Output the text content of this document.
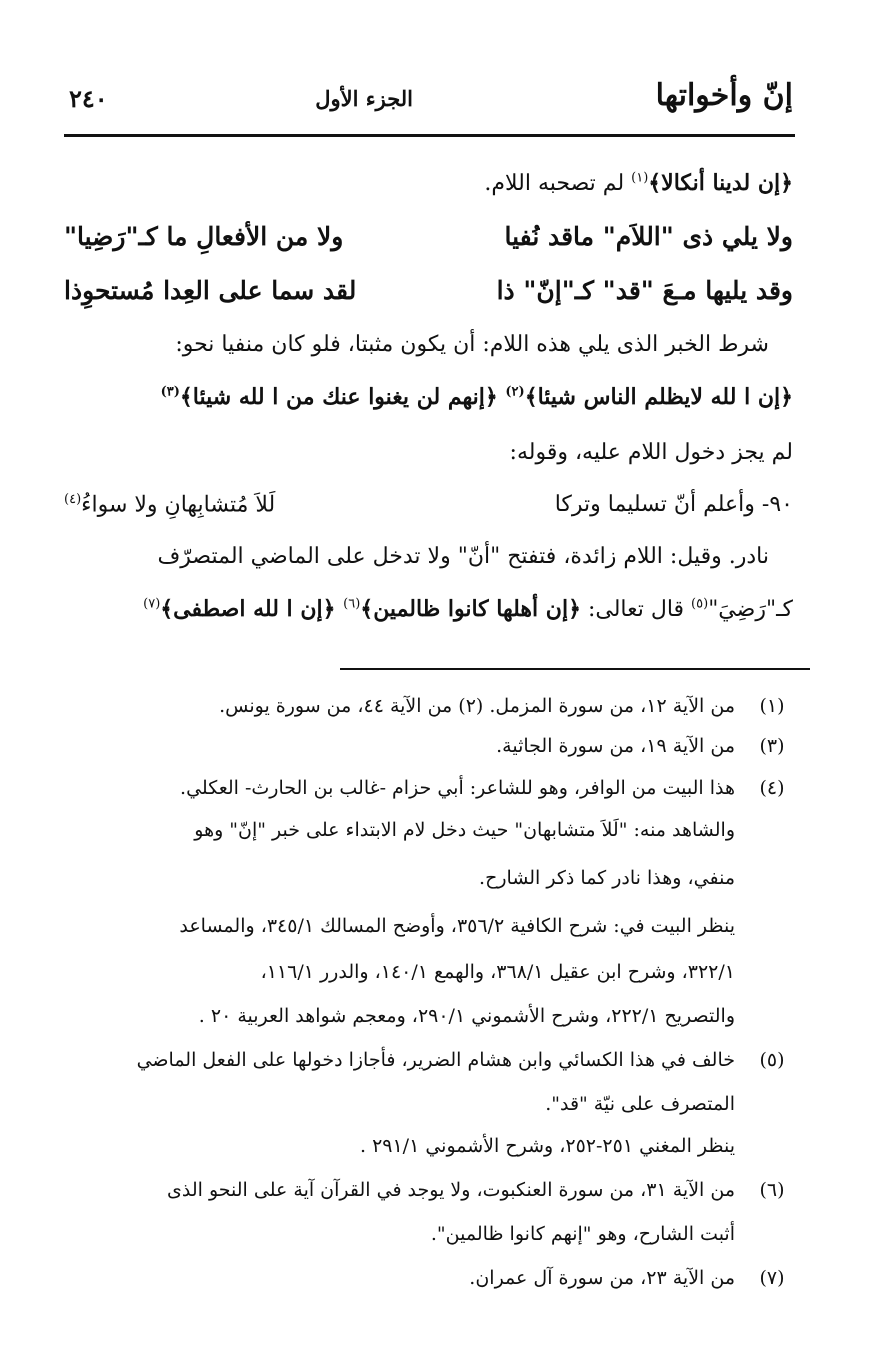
إنّ وأخواتها
الجزء الأول
٢٤٠
﴿إن لدينا أنكالا﴾$^{(١)}$ لم تصحبه اللام.
ولا يلي ذى "اللاَم" ماقد نُفيا
ولا من الأفعالِ ما كـ"رَضِيا"
وقد يليها مـعَ "قد" كـ"إنّ" ذا
لقد سما على العِدا مُستحوِذا
شرط الخبر الذى يلي هذه اللام: أن يكون مثبتا، فلو كان منفيا نحو:
﴿إن ا لله لايظلم الناس شيئا﴾$^{(٢)}$ ﴿إنهم لن يغنوا عنك من ا لله شيئا﴾$^{(٣)}$
لم يجز دخول اللام عليه، وقوله:
٩٠- وأعلم أنّ تسليما وتركا
لَلاَ مُتشابِهانِ ولا سواءُ$^{(٤)}$
نادر. وقيل: اللام زائدة، فتفتح "أنّ" ولا تدخل على الماضي المتصرّف
كـ"رَضِيَ"$^{(٥)}$ قال تعالى: ﴿إن أهلها كانوا ظالمين﴾$^{(٦)}$ ﴿إن ا لله اصطفى﴾$^{(٧)}$
(١)
من الآية ١٢، من سورة المزمل. (٢) من الآية ٤٤، من سورة يونس.
(٣)
من الآية ١٩، من سورة الجاثية.
(٤)
هذا البيت من الوافر، وهو للشاعر: أبي حزام -غالب بن الحارث- العكلي.
والشاهد منه: "لَلاَ متشابهان" حيث دخل لام الابتداء على خبر "إنّ" وهو
منفي، وهذا نادر كما ذكر الشارح.
ينظر البيت في: شرح الكافية ٣٥٦/٢، وأوضح المسالك ٣٤٥/١، والمساعد
٣٢٢/١، وشرح ابن عقيل ٣٦٨/١، والهمع ١٤٠/١، والدرر ١١٦/١،
والتصريح ٢٢٢/١، وشرح الأشموني ٢٩٠/١، ومعجم شواهد العربية ٢٠ .
(٥)
خالف في هذا الكسائي وابن هشام الضرير، فأجازا دخولها على الفعل الماضي
المتصرف على نيّة "قد".
ينظر المغني ٢٥١-٢٥٢، وشرح الأشموني ٢٩١/١ .
(٦)
من الآية ٣١، من سورة العنكبوت، ولا يوجد في القرآن آية على النحو الذى
أثبت الشارح، وهو "إنهم كانوا ظالمين".
(٧)
من الآية ٢٣، من سورة آل عمران.
